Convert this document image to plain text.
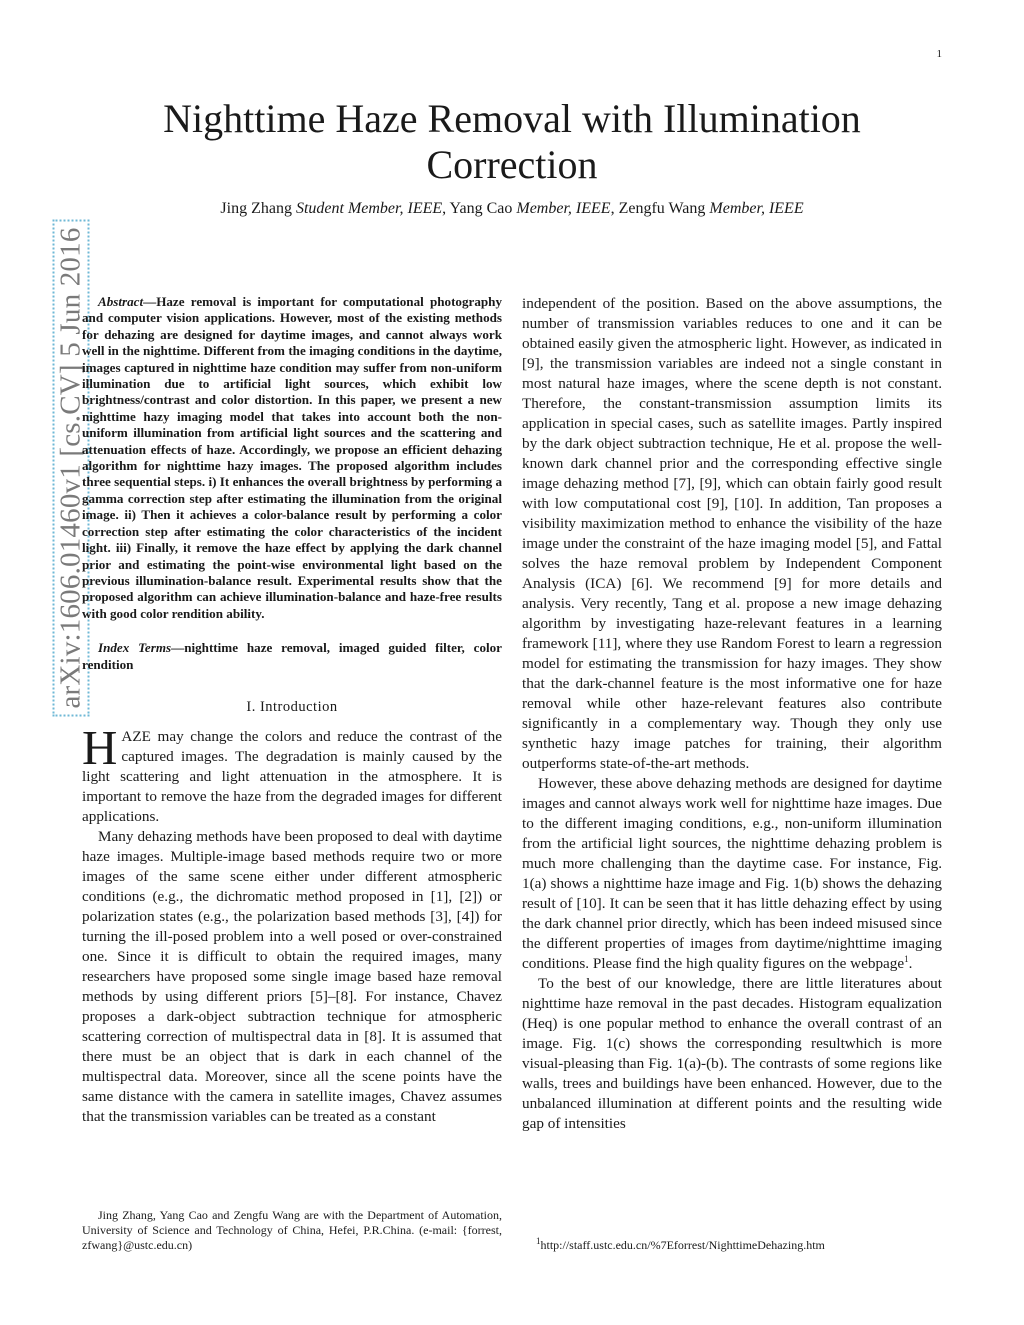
1
arXiv:1606.01460v1 [cs.CV] 5 Jun 2016
Nighttime Haze Removal with Illumination Correction
Jing Zhang Student Member, IEEE, Yang Cao Member, IEEE, Zengfu Wang Member, IEEE

Abstract—Haze removal is important for computational photography and computer vision applications. However, most of the existing methods for dehazing are designed for daytime images, and cannot always work well in the nighttime. Different from the imaging conditions in the daytime, images captured in nighttime haze condition may suffer from non-uniform illumination due to artificial light sources, which exhibit low brightness/contrast and color distortion. In this paper, we present a new nighttime hazy imaging model that takes into account both the non-uniform illumination from artificial light sources and the scattering and attenuation effects of haze. Accordingly, we propose an efficient dehazing algorithm for nighttime hazy images. The proposed algorithm includes three sequential steps. i) It enhances the overall brightness by performing a gamma correction step after estimating the illumination from the original image. ii) Then it achieves a color-balance result by performing a color correction step after estimating the color characteristics of the incident light. iii) Finally, it remove the haze effect by applying the dark channel prior and estimating the point-wise environmental light based on the previous illumination-balance result. Experimental results show that the proposed algorithm can achieve illumination-balance and haze-free results with good color rendition ability.

Index Terms—nighttime haze removal, imaged guided filter, color rendition

I. Introduction

HAZE may change the colors and reduce the contrast of the captured images. The degradation is mainly caused by the light scattering and light attenuation in the atmosphere. It is important to remove the haze from the degraded images for different applications.

Many dehazing methods have been proposed to deal with daytime haze images. Multiple-image based methods require two or more images of the same scene either under different atmospheric conditions (e.g., the dichromatic method proposed in [1], [2]) or polarization states (e.g., the polarization based methods [3], [4]) for turning the ill-posed problem into a well posed or over-constrained one. Since it is difficult to obtain the required images, many researchers have proposed some single image based haze removal methods by using different priors [5]–[8]. For instance, Chavez proposes a dark-object subtraction technique for atmospheric scattering correction of multispectral data in [8]. It is assumed that there must be an object that is dark in each channel of the multispectral data. Moreover, since all the scene points have the same distance with the camera in satellite images, Chavez assumes that the transmission variables can be treated as a constant

independent of the position. Based on the above assumptions, the number of transmission variables reduces to one and it can be obtained easily given the atmospheric light. However, as indicated in [9], the transmission variables are indeed not a single constant in most natural haze images, where the scene depth is not constant. Therefore, the constant-transmission assumption limits its application in special cases, such as satellite images. Partly inspired by the dark object subtraction technique, He et al. propose the well-known dark channel prior and the corresponding effective single image dehazing method [7], [9], which can obtain fairly good result with low computational cost [9], [10]. In addition, Tan proposes a visibility maximization method to enhance the visibility of the haze image under the constraint of the haze imaging model [5], and Fattal solves the haze removal problem by Independent Component Analysis (ICA) [6]. We recommend [9] for more details and analysis. Very recently, Tang et al. propose a new image dehazing algorithm by investigating haze-relevant features in a learning framework [11], where they use Random Forest to learn a regression model for estimating the transmission for hazy images. They show that the dark-channel feature is the most informative one for haze removal while other haze-relevant features also contribute significantly in a complementary way. Though they only use synthetic hazy image patches for training, their algorithm outperforms state-of-the-art methods.

However, these above dehazing methods are designed for daytime images and cannot always work well for nighttime haze images. Due to the different imaging conditions, e.g., non-uniform illumination from the artificial light sources, the nighttime dehazing problem is much more challenging than the daytime case. For instance, Fig. 1(a) shows a nighttime haze image and Fig. 1(b) shows the dehazing result of [10]. It can be seen that it has little dehazing effect by using the dark channel prior directly, which has been indeed misused since the different properties of images from daytime/nighttime imaging conditions. Please find the high quality figures on the webpage$^1$.

To the best of our knowledge, there are little literatures about nighttime haze removal in the past decades. Histogram equalization (Heq) is one popular method to enhance the overall contrast of an image. Fig. 1(c) shows the corresponding resultwhich is more visual-pleasing than Fig. 1(a)-(b). The contrasts of some regions like walls, trees and buildings have been enhanced. However, due to the unbalanced illumination at different points and the resulting wide gap of intensities

Jing Zhang, Yang Cao and Zengfu Wang are with the Department of Automation, University of Science and Technology of China, Hefei, P.R.China. (e-mail: {forrest, zfwang}@ustc.edu.cn)	$^1$http://staff.ustc.edu.cn/%7Eforrest/NighttimeDehazing.htm
